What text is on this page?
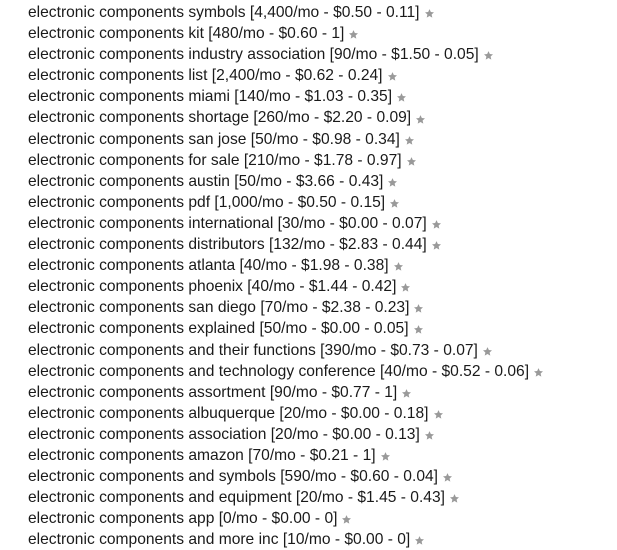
electronic components symbols [4,400/mo - $0.50 - 0.11]
electronic components kit [480/mo - $0.60 - 1]
electronic components industry association [90/mo - $1.50 - 0.05]
electronic components list [2,400/mo - $0.62 - 0.24]
electronic components miami [140/mo - $1.03 - 0.35]
electronic components shortage [260/mo - $2.20 - 0.09]
electronic components san jose [50/mo - $0.98 - 0.34]
electronic components for sale [210/mo - $1.78 - 0.97]
electronic components austin [50/mo - $3.66 - 0.43]
electronic components pdf [1,000/mo - $0.50 - 0.15]
electronic components international [30/mo - $0.00 - 0.07]
electronic components distributors [132/mo - $2.83 - 0.44]
electronic components atlanta [40/mo - $1.98 - 0.38]
electronic components phoenix [40/mo - $1.44 - 0.42]
electronic components san diego [70/mo - $2.38 - 0.23]
electronic components explained [50/mo - $0.00 - 0.05]
electronic components and their functions [390/mo - $0.73 - 0.07]
electronic components and technology conference [40/mo - $0.52 - 0.06]
electronic components assortment [90/mo - $0.77 - 1]
electronic components albuquerque [20/mo - $0.00 - 0.18]
electronic components association [20/mo - $0.00 - 0.13]
electronic components amazon [70/mo - $0.21 - 1]
electronic components and symbols [590/mo - $0.60 - 0.04]
electronic components and equipment [20/mo - $1.45 - 0.43]
electronic components app [0/mo - $0.00 - 0]
electronic components and more inc [10/mo - $0.00 - 0]
